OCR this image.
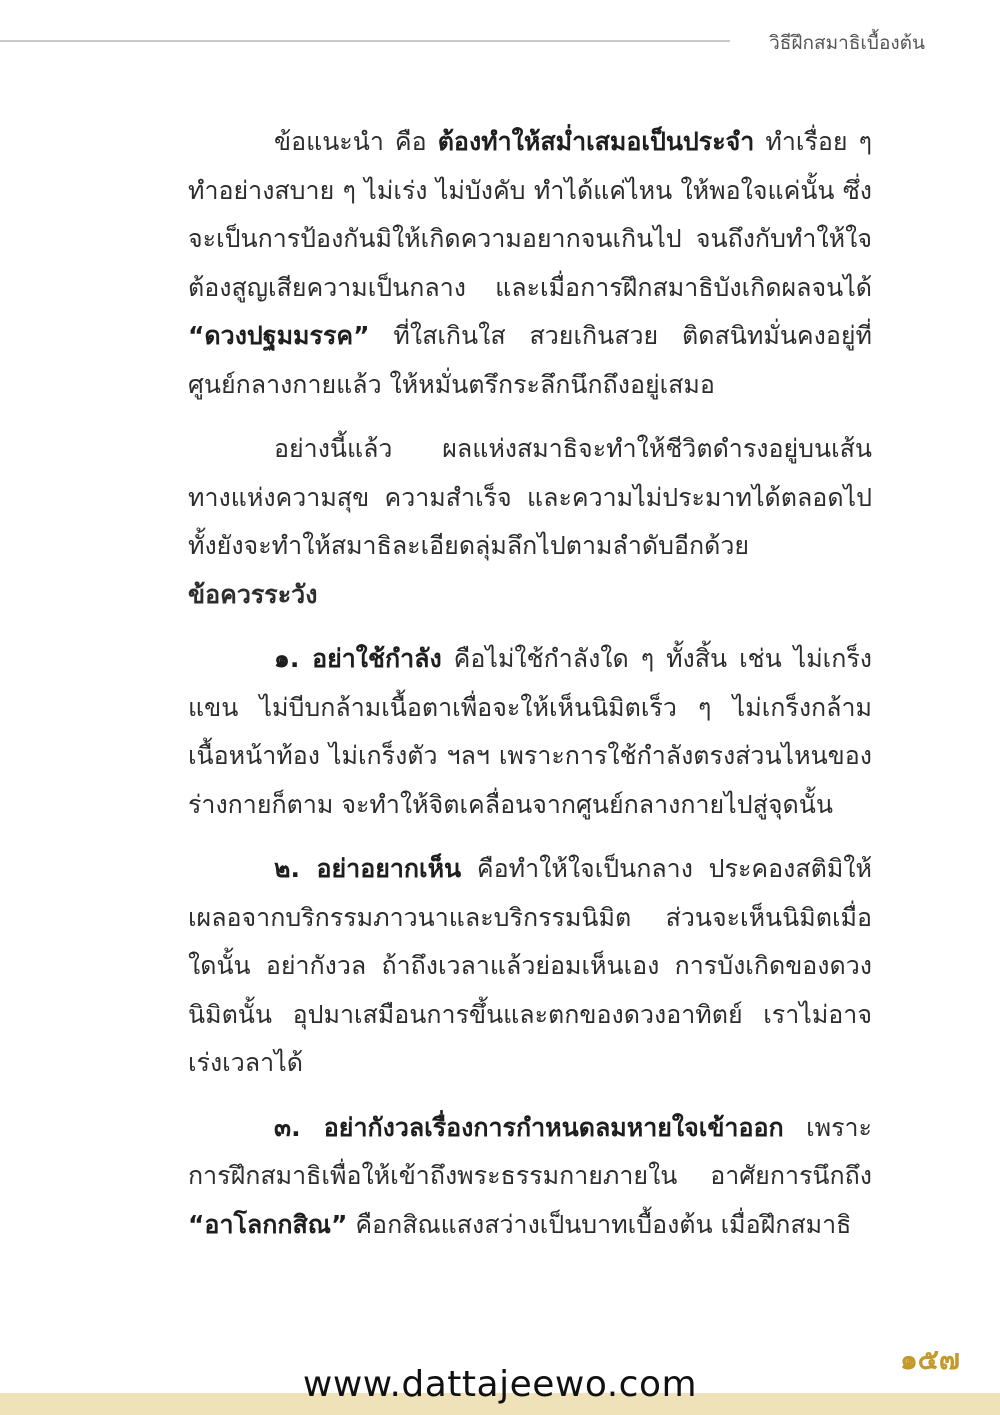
วิธีฝึกสมาธิเบื้องต้น

ข้อแนะนำ คือ ต้องทำให้สม่ำเสมอเป็นประจำ ทำเรื่อย ๆ ทำอย่างสบาย ๆ ไม่เร่ง ไม่บังคับ ทำได้แค่ไหน ให้พอใจแค่นั้น ซึ่งจะเป็นการป้องกันมิให้เกิดความอยากจนเกินไป จนถึงกับทำให้ใจต้องสูญเสียความเป็นกลาง และเมื่อการฝึกสมาธิบังเกิดผลจนได้ “ดวงปฐมมรรค” ที่ใสเกินใส สวยเกินสวย ติดสนิทมั่นคงอยู่ที่ศูนย์กลางกายแล้ว ให้หมั่นตรึกระลึกนึกถึงอยู่เสมอ

อย่างนี้แล้ว ผลแห่งสมาธิจะทำให้ชีวิตดำรงอยู่บนเส้นทางแห่งความสุข ความสำเร็จ และความไม่ประมาทได้ตลอดไป ทั้งยังจะทำให้สมาธิละเอียดลุ่มลึกไปตามลำดับอีกด้วย

ข้อควรระวัง

๑. อย่าใช้กำลัง คือไม่ใช้กำลังใด ๆ ทั้งสิ้น เช่น ไม่เกร็งแขน ไม่บีบกล้ามเนื้อตาเพื่อจะให้เห็นนิมิตเร็ว ๆ ไม่เกร็งกล้ามเนื้อหน้าท้อง ไม่เกร็งตัว ฯลฯ เพราะการใช้กำลังตรงส่วนไหนของร่างกายก็ตาม จะทำให้จิตเคลื่อนจากศูนย์กลางกายไปสู่จุดนั้น

๒. อย่าอยากเห็น คือทำให้ใจเป็นกลาง ประคองสติมิให้เผลอจากบริกรรมภาวนาและบริกรรมนิมิต ส่วนจะเห็นนิมิตเมื่อใดนั้น อย่ากังวล ถ้าถึงเวลาแล้วย่อมเห็นเอง การบังเกิดของดวงนิมิตนั้น อุปมาเสมือนการขึ้นและตกของดวงอาทิตย์ เราไม่อาจเร่งเวลาได้

๓. อย่ากังวลเรื่องการกำหนดลมหายใจเข้าออก เพราะการฝึกสมาธิเพื่อให้เข้าถึงพระธรรมกายภายใน อาศัยการนึกถึง “อาโลกกสิณ” คือกสิณแสงสว่างเป็นบาทเบื้องต้น เมื่อฝึกสมาธิ

๑๕๗
www.dattajeewo.com
